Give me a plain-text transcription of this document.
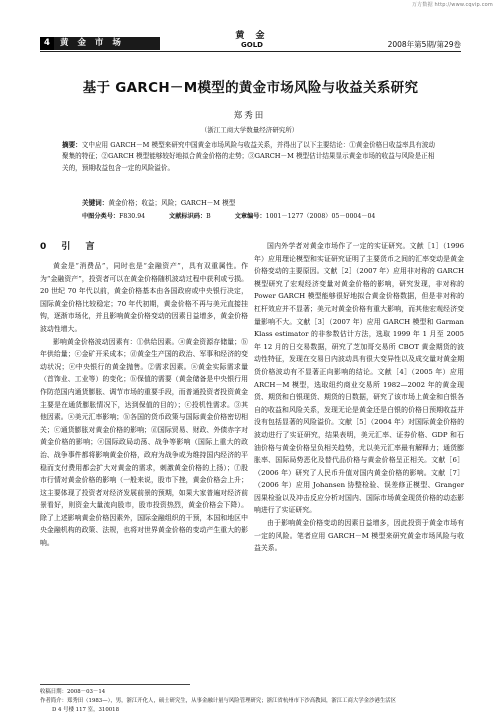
万方数据 http://www.cqvip.com
4 黄 金 市 场
黄 金
GOLD	2008年第5期/第29卷
基于 GARCH－M模型的黄金市场风险与收益关系研究
郑秀田
（浙江工商大学数量经济研究所）
摘要：文中应用 GARCH－M 模型来研究中国黄金市场风险与收益关系，并得出了以下主要结论：①黄金价格日收益率具有波动聚集的特征；②GARCH 模型能够较好地拟合黄金价格的走势；③GARCH－M 模型估计结果显示黄金市场的收益与风险是正相关的，预期收益包含一定的风险溢价。
关键词：黄金价格；收益；风险；GARCH－M 模型
中图分类号：F830.94	文献标识码：B	文章编号：1001－1277（2008）05－0004－04

0 引 言

黄金是“消费品”，同时也是“金融资产”，具有双重属性。作为“金融资产”，投资者可以在黄金价格随机波动过程中获利或亏损。20 世纪 70 年代以前，黄金价格基本由各国政府或中央银行决定，国际黄金价格比较稳定；70 年代初期，黄金价格不再与美元直接挂钩，逐渐市场化，并且影响黄金价格变动的因素日益增多，黄金价格波动性增大。

影响黄金价格波动因素有：①供给因素。ⓐ黄金资源存储量；ⓑ年供给量；ⓒ金矿开采成本；ⓓ黄金生产国的政治、军事和经济的变动状况；ⓔ中央银行的黄金抛售。②需求因素。ⓐ黄金实际需求量（首饰业、工业等）的变化；ⓑ保值的需要（黄金储备是中央银行用作防范国内通货膨胀、调节市场的重要手段，而普通投资者投资黄金主要是在通货膨胀情况下，达到保值的目的）；ⓒ投机性需求。③其他因素。ⓐ美元汇率影响；ⓑ各国的货币政策与国际黄金价格密切相关；ⓒ通货膨胀对黄金价格的影响；ⓓ国际贸易、财政、外债赤字对黄金价格的影响；ⓔ国际政局动荡、战争等影响（国际上重大的政治、战争事件都将影响黄金价格，政府为战争或为维持国内经济的平稳而支付费用都会扩大对黄金的需求，刺激黄金价格的上扬）；ⓕ股市行情对黄金价格的影响（一般来说，股市下挫，黄金价格会上升；这主要体现了投资者对经济发展前景的预期，如果大家普遍对经济前景看好，则资金大量流向股市，股市投资热烈，黄金价格会下降）。除了上述影响黄金价格因素外，国际金融组织的干预，本国和地区中央金融机构的政策、法规，也将对世界黄金价格的变动产生重大的影响。

国内外学者对黄金市场作了一定的实证研究。文献［1］（1996 年）应用理论模型和实证研究证明了主要货币之间的汇率变动是黄金价格变动的主要原因。文献［2］（2007 年）应用非对称的 GARCH 模型研究了宏观经济变量对黄金价格的影响，研究发现，非对称的 Power GARCH 模型能够很好地拟合黄金价格数据，但是非对称的杠杆效应并不显著；美元对黄金价格有重大影响，而其他宏观经济变量影响不大。文献［3］（2007 年）应用 GARCH 模型和 Garman Klass estimator 的非参数估计方法，选取 1999 年 1 月至 2005 年 12 月的日交易数据，研究了芝加哥交易所 CBOT 黄金期货的波动性特征，发现在交易日内波动具有很大变异性以及成交量对黄金期货价格波动有不显著正向影响的结论。文献［4］（2005 年）应用 ARCH－M 模型，选取纽约商业交易所 1982—2002 年的黄金现货、期货和白银现货、期货的日数据，研究了该市场上黄金和白银各自的收益和风险关系，发现无论是黄金还是白银的价格日预期收益并没有包括显著的风险溢价。文献［5］（2004 年）对国际黄金价格的波动进行了实证研究，结果表明，美元汇率、证券价格、GDP 和石油价格与黄金价格呈负相关趋势，尤以美元汇率最有解释力；通货膨胀率、国际局势恶化及替代品价格与黄金价格呈正相关。文献［6］（2006 年）研究了人民币升值对国内黄金价格的影响。文献［7］（2006 年）应用 Johansen 协整检验、误差修正模型、Granger 因果检验以及冲击反应分析对国内、国际市场黄金现货价格的动态影响进行了实证研究。

由于影响黄金价格变动的因素日益增多，因此投资于黄金市场有一定的风险。笔者应用 GARCH－M 模型来研究黄金市场风险与收益关系。

收稿日期：2008－03－14
作者简介：郑秀田（1983—），男，浙江开化人，硕士研究生，从事金融计量与风险管理研究；浙江省杭州市下沙高教园，浙江工商大学金沙港生活区
D 4 号楼 117 室，310018
